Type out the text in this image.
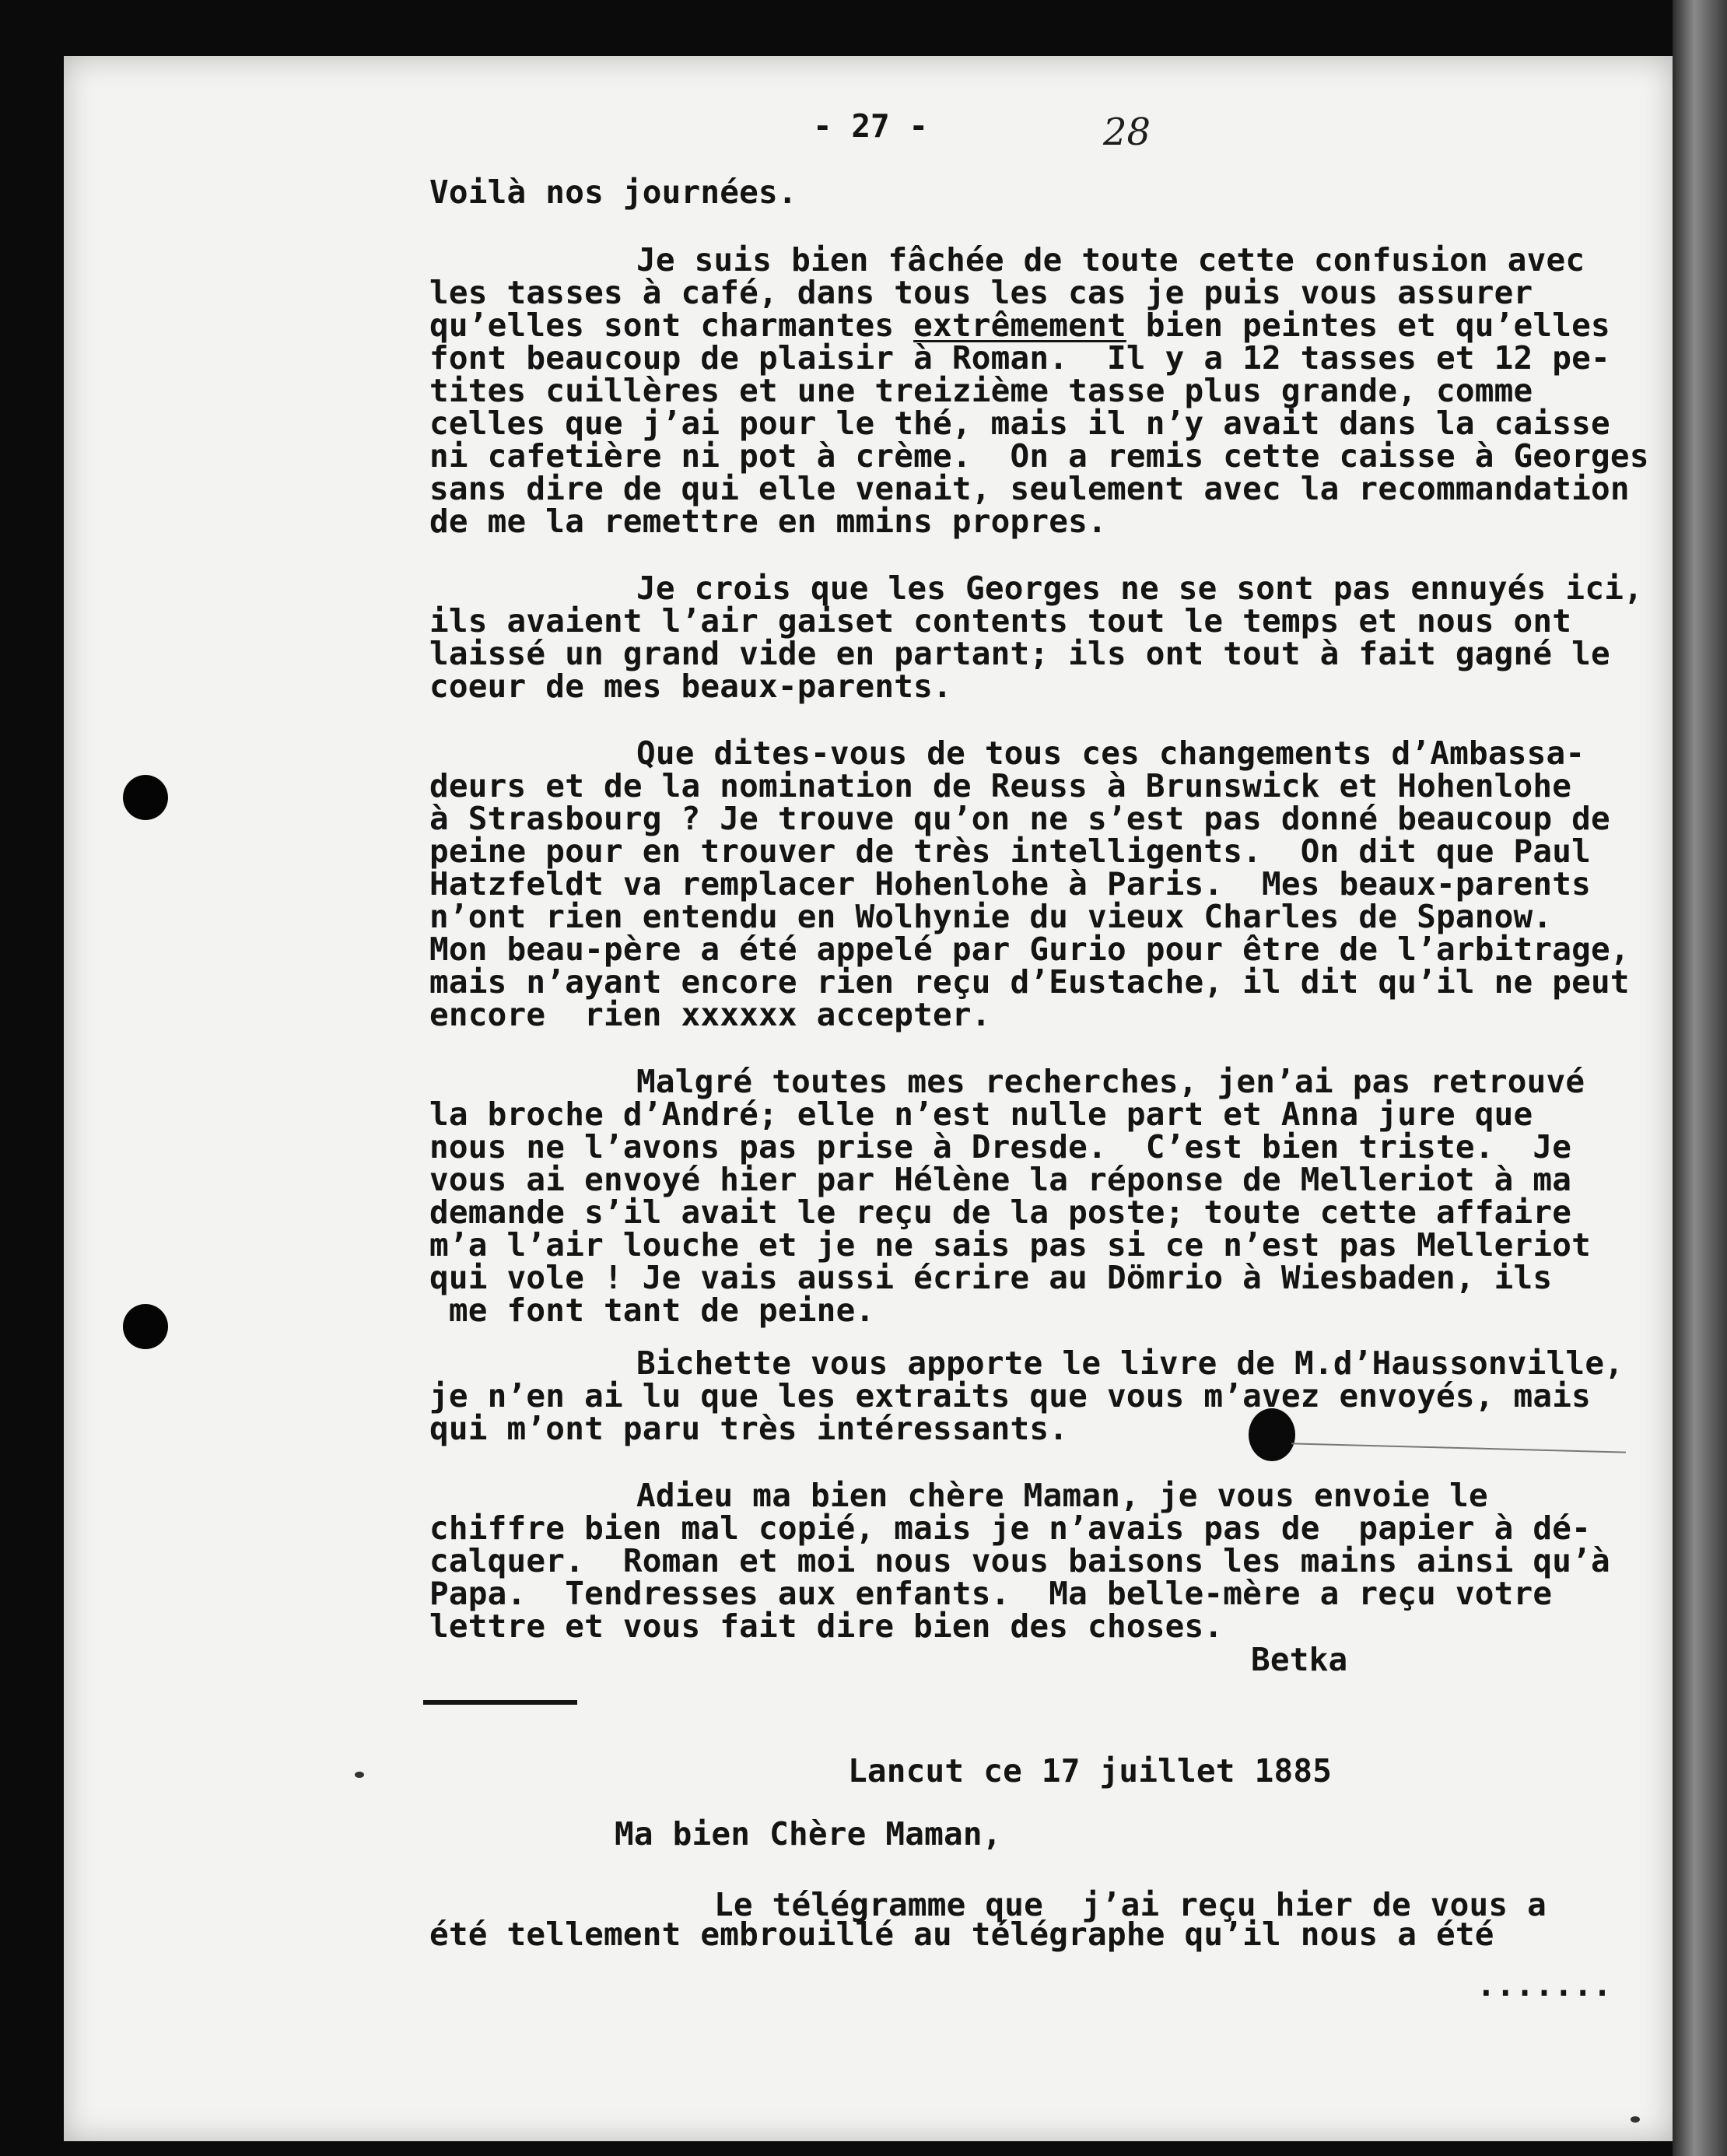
- 27 -	28
Voilà nos journées.
Je suis bien fâchée de toute cette confusion avec
les tasses à café, dans tous les cas je puis vous assurer
qu’elles sont charmantes extrêmement bien peintes et qu’elles
font beaucoup de plaisir à Roman.  Il y a 12 tasses et 12 pe-
tites cuillères et une treizième tasse plus grande, comme
celles que j’ai pour le thé, mais il n’y avait dans la caisse
ni cafetière ni pot à crème.  On a remis cette caisse à Georges
sans dire de qui elle venait, seulement avec la recommandation
de me la remettre en mmins propres.
Je crois que les Georges ne se sont pas ennuyés ici,
ils avaient l’air gaiset contents tout le temps et nous ont
laissé un grand vide en partant; ils ont tout à fait gagné le
coeur de mes beaux-parents.
Que dites-vous de tous ces changements d’Ambassa-
deurs et de la nomination de Reuss à Brunswick et Hohenlohe
à Strasbourg ? Je trouve qu’on ne s’est pas donné beaucoup de
peine pour en trouver de très intelligents.  On dit que Paul
Hatzfeldt va remplacer Hohenlohe à Paris.  Mes beaux-parents
n’ont rien entendu en Wolhynie du vieux Charles de Spanow.
Mon beau-père a été appelé par Gurio pour être de l’arbitrage,
mais n’ayant encore rien reçu d’Eustache, il dit qu’il ne peut
encore  rien xxxxxx accepter.
Malgré toutes mes recherches, jen’ai pas retrouvé
la broche d’André; elle n’est nulle part et Anna jure que
nous ne l’avons pas prise à Dresde.  C’est bien triste.  Je
vous ai envoyé hier par Hélène la réponse de Melleriot à ma
demande s’il avait le reçu de la poste; toute cette affaire
m’a l’air louche et je ne sais pas si ce n’est pas Melleriot
qui vole ! Je vais aussi écrire au Dömrio à Wiesbaden, ils
me font tant de peine.
Bichette vous apporte le livre de M.d’Haussonville,
je n’en ai lu que les extraits que vous m’avez envoyés, mais
qui m’ont paru très intéressants.
Adieu ma bien chère Maman, je vous envoie le
chiffre bien mal copié, mais je n’avais pas de  papier à dé-
calquer.  Roman et moi nous vous baisons les mains ainsi qu’à
Papa.  Tendresses aux enfants.  Ma belle-mère a reçu votre
lettre et vous fait dire bien des choses.
Betka
Lancut ce 17 juillet 1885
Ma bien Chère Maman,
Le télégramme que  j’ai reçu hier de vous a
été tellement embrouillé au télégraphe qu’il nous a été
.......
